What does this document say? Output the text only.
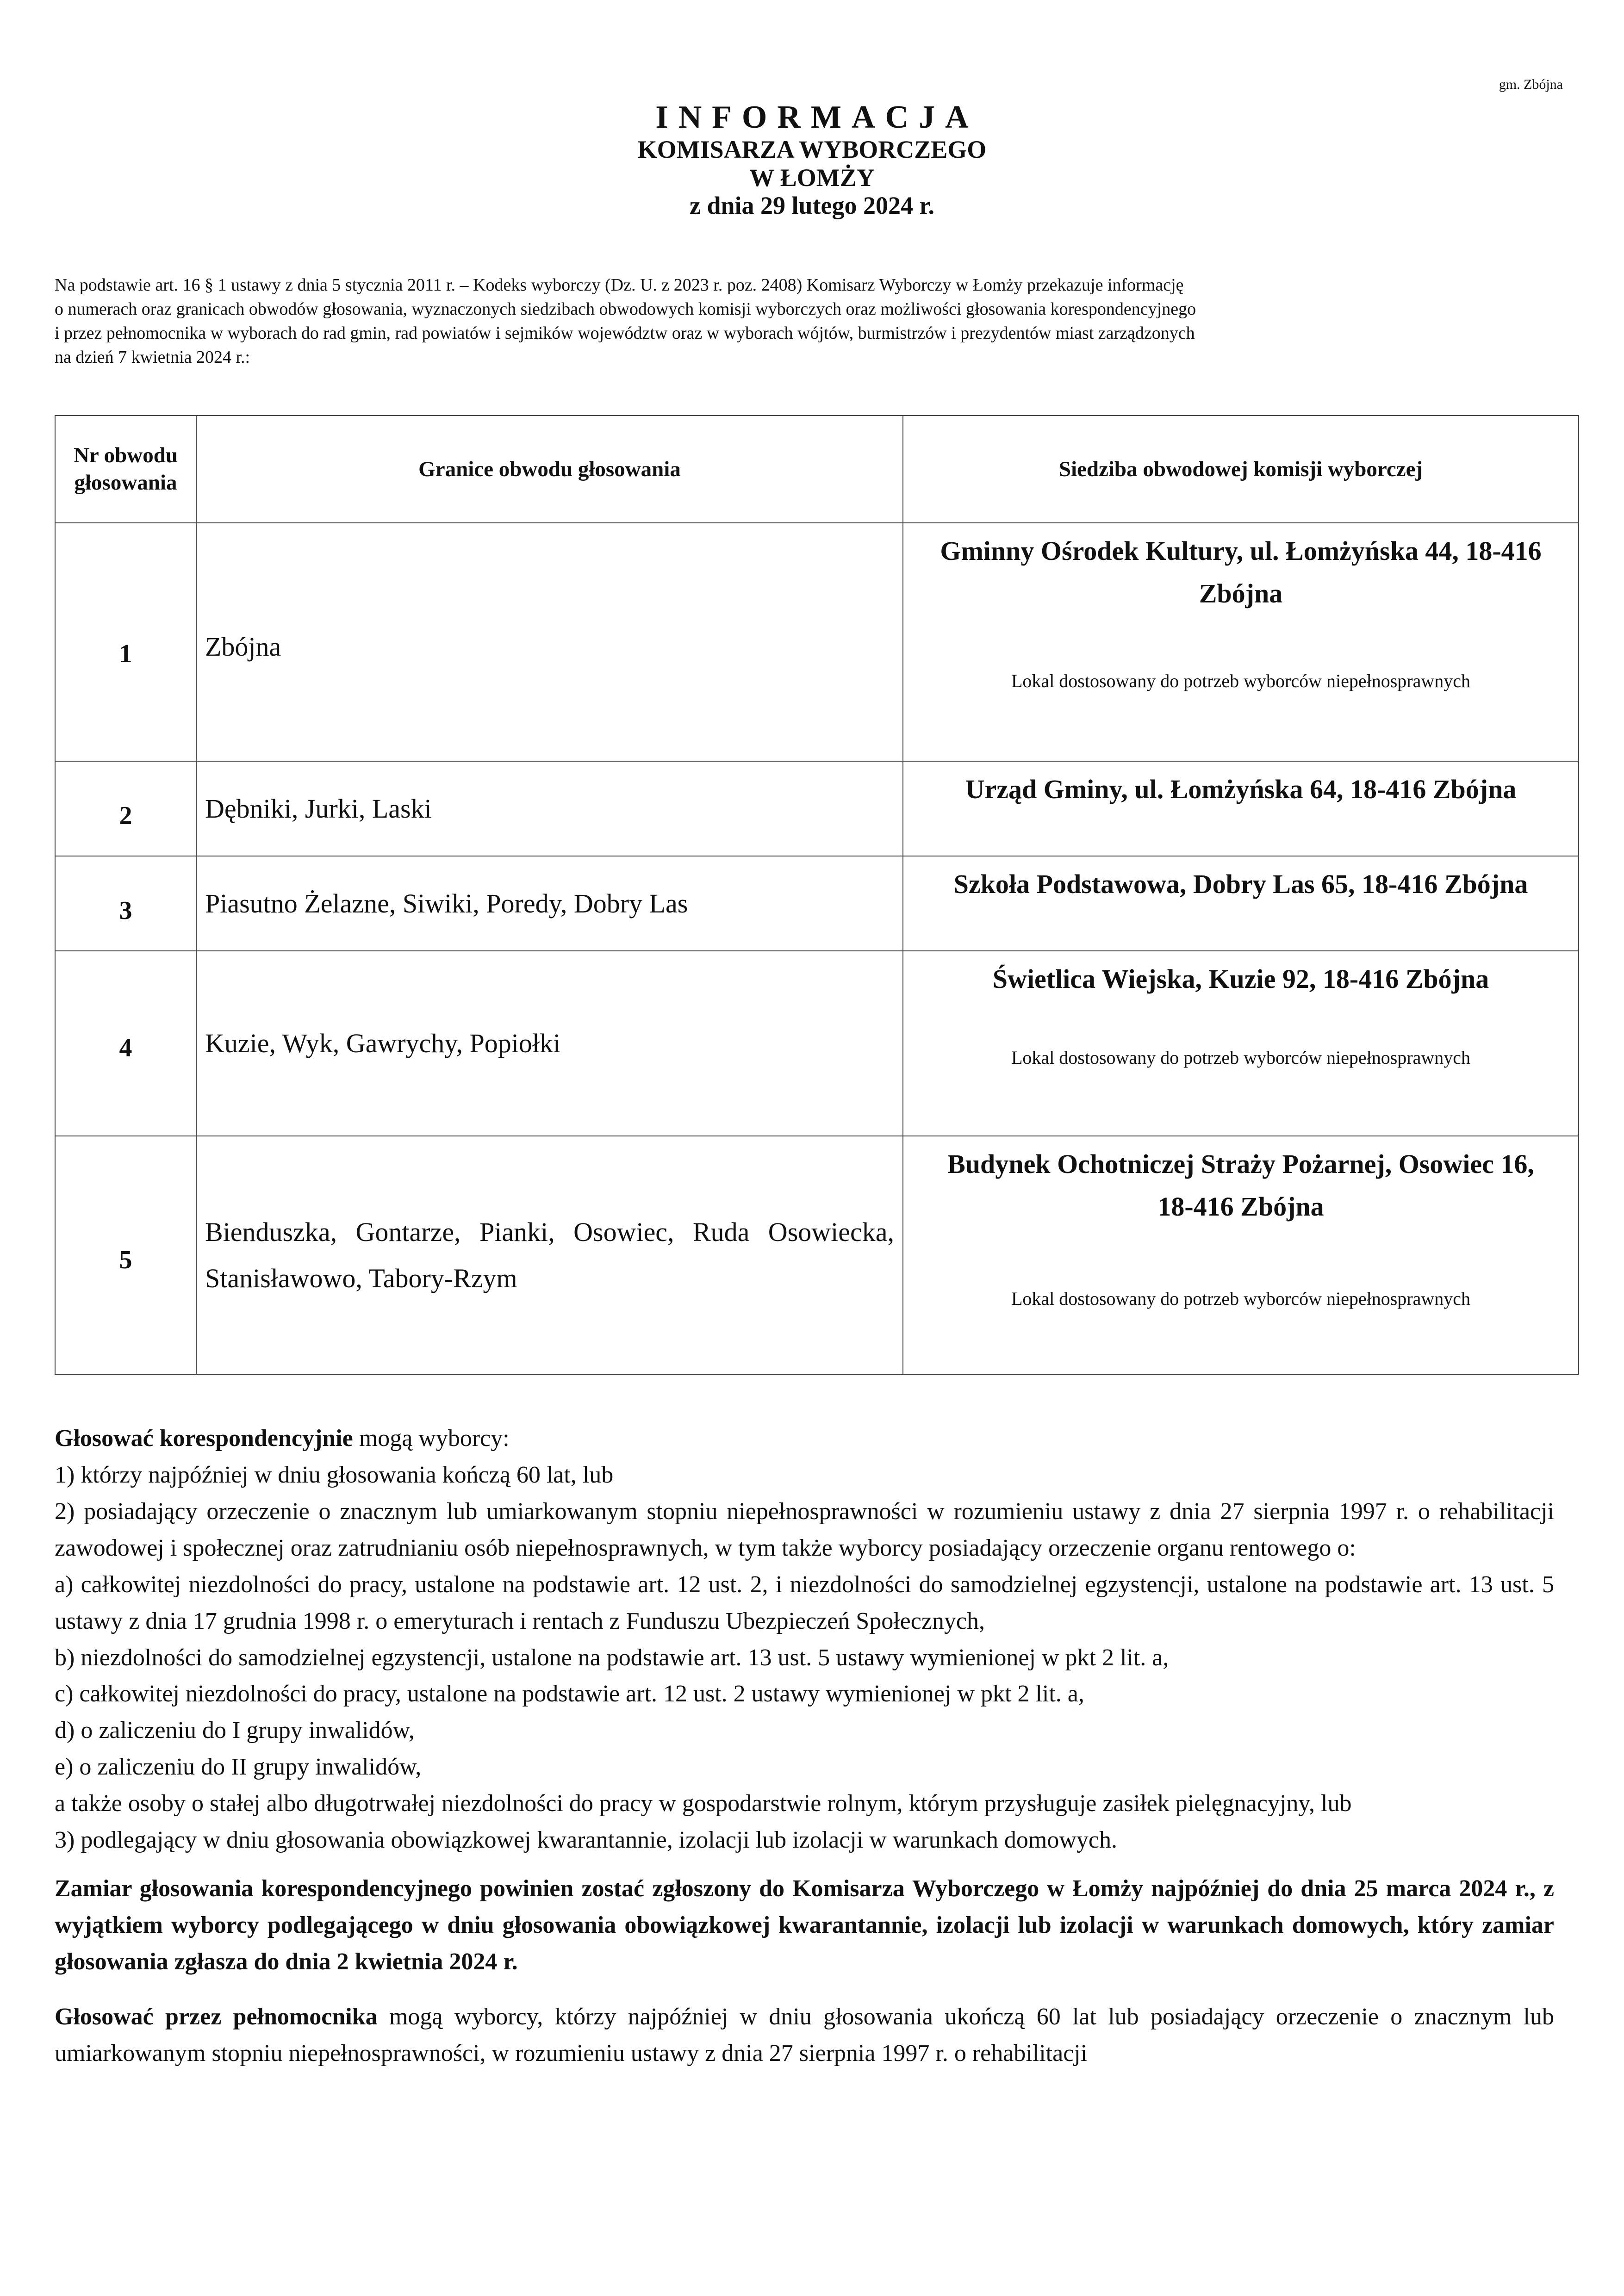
gm. Zbójna
INFORMACJA
KOMISARZA WYBORCZEGO
W ŁOMŻY
z dnia 29 lutego 2024 r.
Na podstawie art. 16 § 1 ustawy z dnia 5 stycznia 2011 r. – Kodeks wyborczy (Dz. U. z 2023 r. poz. 2408) Komisarz Wyborczy w Łomży przekazuje informację
o numerach oraz granicach obwodów głosowania, wyznaczonych siedzibach obwodowych komisji wyborczych oraz możliwości głosowania korespondencyjnego
i przez pełnomocnika w wyborach do rad gmin, rad powiatów i sejmików województw oraz w wyborach wójtów, burmistrzów i prezydentów miast zarządzonych
na dzień 7 kwietnia 2024 r.:
Nr obwodu
głosowania	Granice obwodu głosowania	Siedziba obwodowej komisji wyborczej
1	Zbójna	Gminny Ośrodek Kultury, ul. Łomżyńska 44, 18-416 Zbójna
Lokal dostosowany do potrzeb wyborców niepełnosprawnych

2	Dębniki, Jurki, Laski	Urząd Gminy, ul. Łomżyńska 64, 18-416 Zbójna

3	Piasutno Żelazne, Siwiki, Poredy, Dobry Las	Szkoła Podstawowa, Dobry Las 65, 18-416 Zbójna

4	Kuzie, Wyk, Gawrychy, Popiołki	Świetlica Wiejska, Kuzie 92, 18-416 Zbójna
Lokal dostosowany do potrzeb wyborców niepełnosprawnych

5	Bienduszka, Gontarze, Pianki, Osowiec, Ruda Osowiecka, Stanisławowo, Tabory-Rzym	Budynek Ochotniczej Straży Pożarnej, Osowiec 16, 18-416 Zbójna
Lokal dostosowany do potrzeb wyborców niepełnosprawnych

Głosować korespondencyjnie mogą wyborcy:

1) którzy najpóźniej w dniu głosowania kończą 60 lat, lub

2) posiadający orzeczenie o znacznym lub umiarkowanym stopniu niepełnosprawności w rozumieniu ustawy z dnia 27 sierpnia 1997 r. o rehabilitacji zawodowej i społecznej oraz zatrudnianiu osób niepełnosprawnych, w tym także wyborcy posiadający orzeczenie organu rentowego o:

a) całkowitej niezdolności do pracy, ustalone na podstawie art. 12 ust. 2, i niezdolności do samodzielnej egzystencji, ustalone na podstawie art. 13 ust. 5 ustawy z dnia 17 grudnia 1998 r. o emeryturach i rentach z Funduszu Ubezpieczeń Społecznych,

b) niezdolności do samodzielnej egzystencji, ustalone na podstawie art. 13 ust. 5 ustawy wymienionej w pkt 2 lit. a,

c) całkowitej niezdolności do pracy, ustalone na podstawie art. 12 ust. 2 ustawy wymienionej w pkt 2 lit. a,

d) o zaliczeniu do I grupy inwalidów,

e) o zaliczeniu do II grupy inwalidów,

a także osoby o stałej albo długotrwałej niezdolności do pracy w gospodarstwie rolnym, którym przysługuje zasiłek pielęgnacyjny, lub

3) podlegający w dniu głosowania obowiązkowej kwarantannie, izolacji lub izolacji w warunkach domowych.

Zamiar głosowania korespondencyjnego powinien zostać zgłoszony do Komisarza Wyborczego w Łomży najpóźniej do dnia 25 marca 2024 r., z wyjątkiem wyborcy podlegającego w dniu głosowania obowiązkowej kwarantannie, izolacji lub izolacji w warunkach domowych, który zamiar głosowania zgłasza do dnia 2 kwietnia 2024 r.

Głosować przez pełnomocnika mogą wyborcy, którzy najpóźniej w dniu głosowania ukończą 60 lat lub posiadający orzeczenie o znacznym lub umiarkowanym stopniu niepełnosprawności, w rozumieniu ustawy z dnia 27 sierpnia 1997 r. o rehabilitacji
